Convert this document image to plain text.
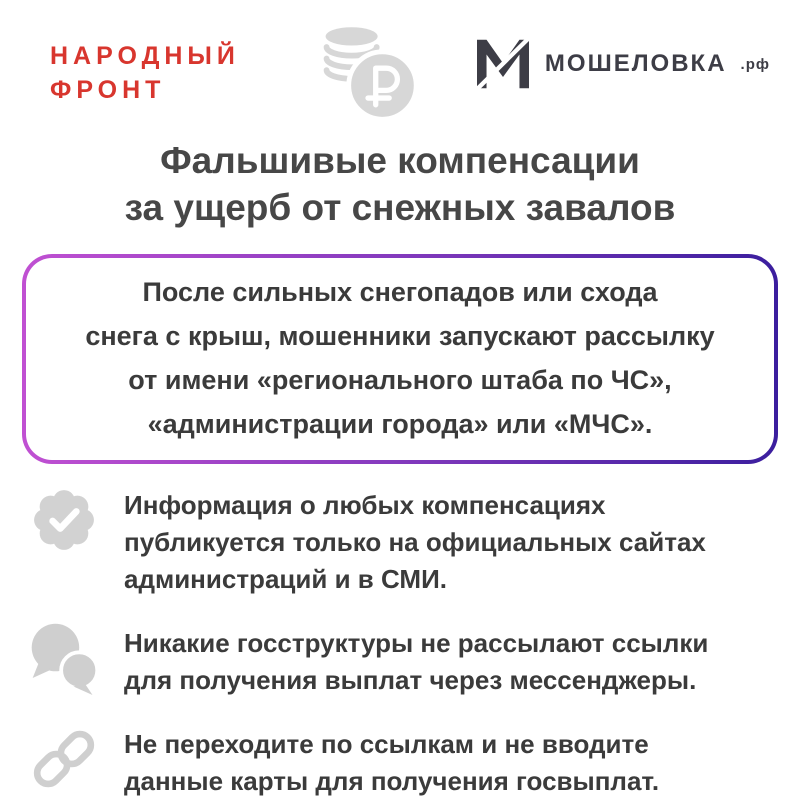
НАРОДНЫЙ
ФРОНТ
МОШЕЛОВКА .рф
Фальшивые компенсации
за ущерб от снежных завалов
После сильных снегопадов или схода
снега с крыш, мошенники запускают рассылку
от имени «регионального штаба по ЧС»,
«администрации города» или «МЧС».
Информация о любых компенсациях
публикуется только на официальных сайтах
администраций и в СМИ.
Никакие госструктуры не рассылают ссылки
для получения выплат через мессенджеры.
Не переходите по ссылкам и не вводите
данные карты для получения госвыплат.
